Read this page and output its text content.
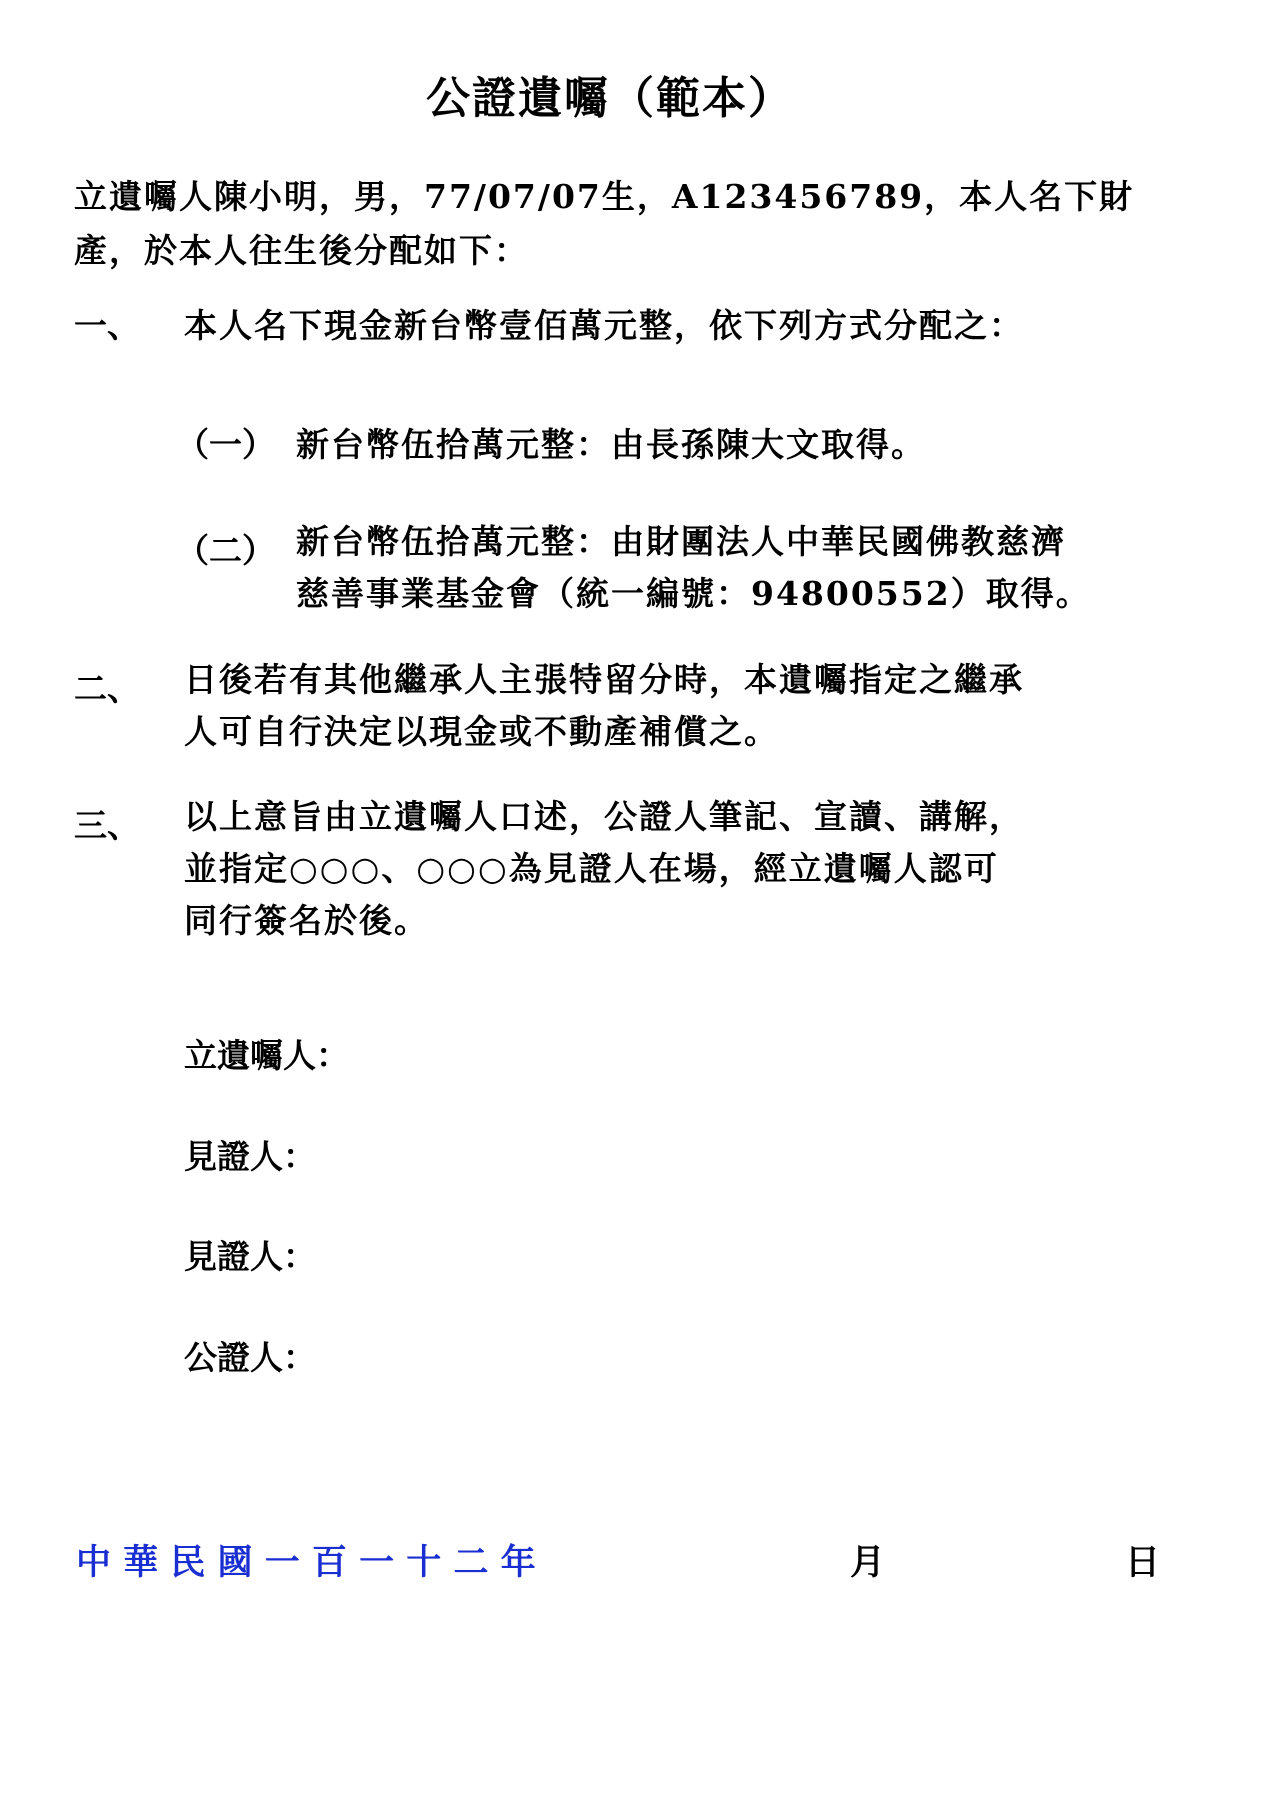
公證遺囑（範本）
立遺囑人陳小明，男，77/07/07生，A123456789，本人名下財
產，於本人往生後分配如下：
一、 本人名下現金新台幣壹佰萬元整，依下列方式分配之：
（一） 新台幣伍拾萬元整：由長孫陳大文取得。
（二） 新台幣伍拾萬元整：由財團法人中華民國佛教慈濟
慈善事業基金會（統一編號：94800552）取得。
二、 日後若有其他繼承人主張特留分時，本遺囑指定之繼承
人可自行決定以現金或不動產補償之。
三、 以上意旨由立遺囑人口述，公證人筆記、宣讀、講解，
並指定○○○、○○○為見證人在場，經立遺囑人認可
同行簽名於後。
立遺囑人：
見證人：
見證人：
公證人：
中 華 民 國 一 百 一 十 二 年	月	日
